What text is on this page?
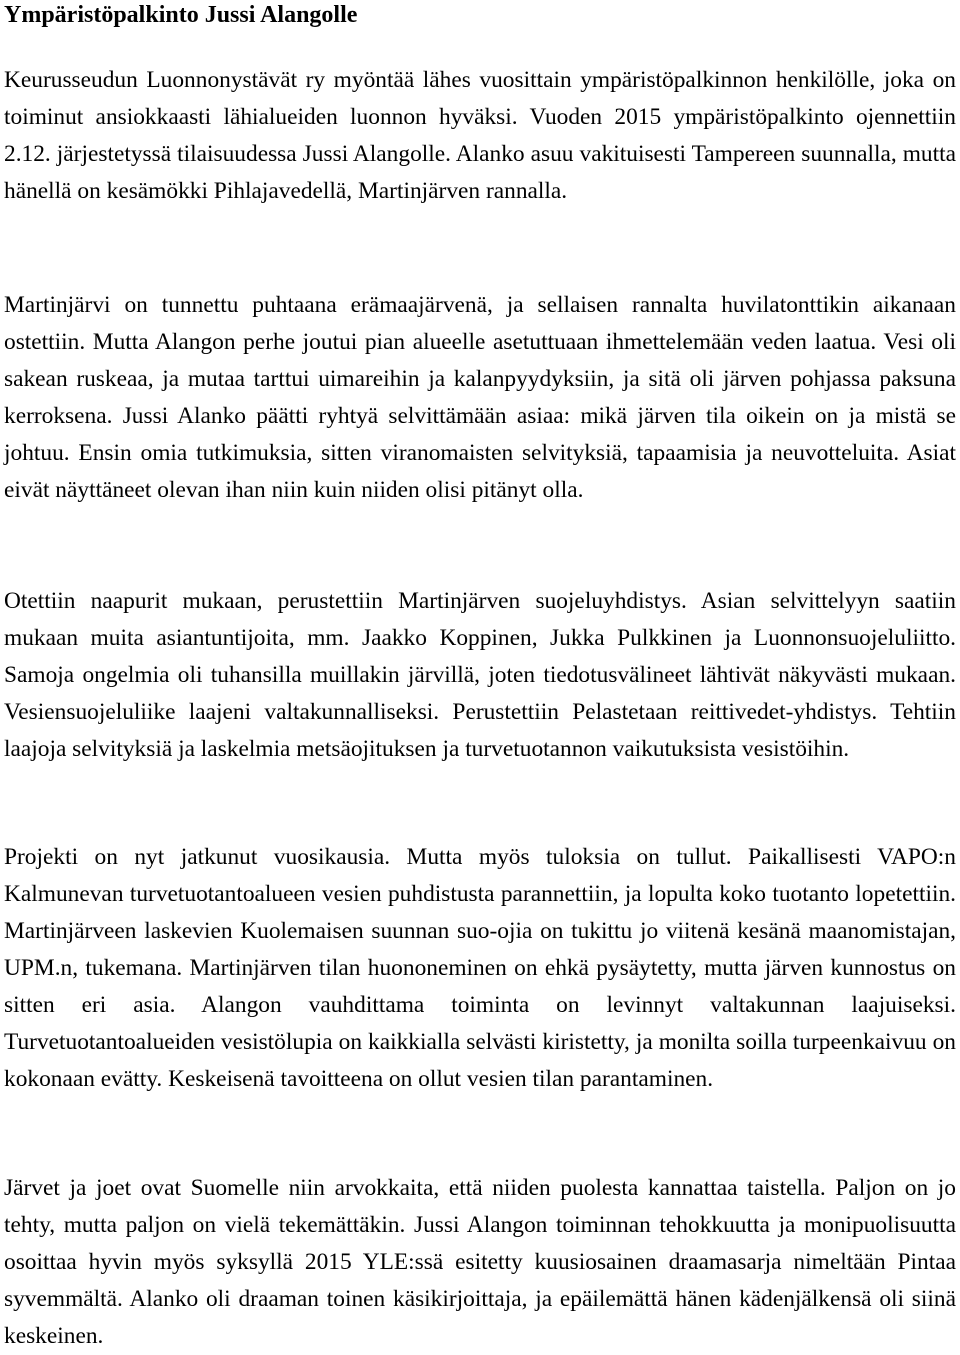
Ympäristöpalkinto Jussi Alangolle

Keurusseudun Luonnonystävät ry myöntää lähes vuosittain ympäristöpalkinnon henkilölle, joka on toiminut ansiokkaasti lähialueiden luonnon hyväksi. Vuoden 2015 ympäristöpalkinto ojennettiin 2.12. järjestetyssä tilaisuudessa Jussi Alangolle. Alanko asuu vakituisesti Tampereen suunnalla, mutta hänellä on kesämökki Pihlajavedellä, Martinjärven rannalla.

Martinjärvi on tunnettu puhtaana erämaajärvenä, ja sellaisen rannalta huvilatonttikin aikanaan ostettiin. Mutta Alangon perhe joutui pian alueelle asetuttuaan ihmettelemään veden laatua. Vesi oli sakean ruskeaa, ja mutaa tarttui uimareihin ja kalanpyydyksiin, ja sitä oli järven pohjassa paksuna kerroksena. Jussi Alanko päätti ryhtyä selvittämään asiaa: mikä järven tila oikein on ja mistä se johtuu. Ensin omia tutkimuksia, sitten viranomaisten selvityksiä, tapaamisia ja neuvotteluita. Asiat eivät näyttäneet olevan ihan niin kuin niiden olisi pitänyt olla.

Otettiin naapurit mukaan, perustettiin Martinjärven suojeluyhdistys. Asian selvittelyyn saatiin mukaan muita asiantuntijoita, mm. Jaakko Koppinen, Jukka Pulkkinen ja Luonnonsuojeluliitto. Samoja ongelmia oli tuhansilla muillakin järvillä, joten tiedotusvälineet lähtivät näkyvästi mukaan. Vesiensuojeluliike laajeni valtakunnalliseksi. Perustettiin Pelastetaan reittivedet-yhdistys. Tehtiin laajoja selvityksiä ja laskelmia metsäojituksen ja turvetuotannon vaikutuksista vesistöihin.

Projekti on nyt jatkunut vuosikausia. Mutta myös tuloksia on tullut. Paikallisesti VAPO:n Kalmunevan turvetuotantoalueen vesien puhdistusta parannettiin, ja lopulta koko tuotanto lopetettiin. Martinjärveen laskevien Kuolemaisen suunnan suo-ojia on tukittu jo viitenä kesänä maanomistajan, UPM.n, tukemana. Martinjärven tilan huononeminen on ehkä pysäytetty, mutta järven kunnostus on sitten eri asia. Alangon vauhdittama toiminta on levinnyt valtakunnan laajuiseksi. Turvetuotantoalueiden vesistölupia on kaikkialla selvästi kiristetty, ja monilta soilla turpeenkaivuu on kokonaan evätty. Keskeisenä tavoitteena on ollut vesien tilan parantaminen.

Järvet ja joet ovat Suomelle niin arvokkaita, että niiden puolesta kannattaa taistella. Paljon on jo tehty, mutta paljon on vielä tekemättäkin. Jussi Alangon toiminnan tehokkuutta ja monipuolisuutta osoittaa hyvin myös syksyllä 2015 YLE:ssä esitetty kuusiosainen draamasarja nimeltään Pintaa syvemmältä. Alanko oli draaman toinen käsikirjoittaja, ja epäilemättä hänen kädenjälkensä oli siinä keskeinen.
